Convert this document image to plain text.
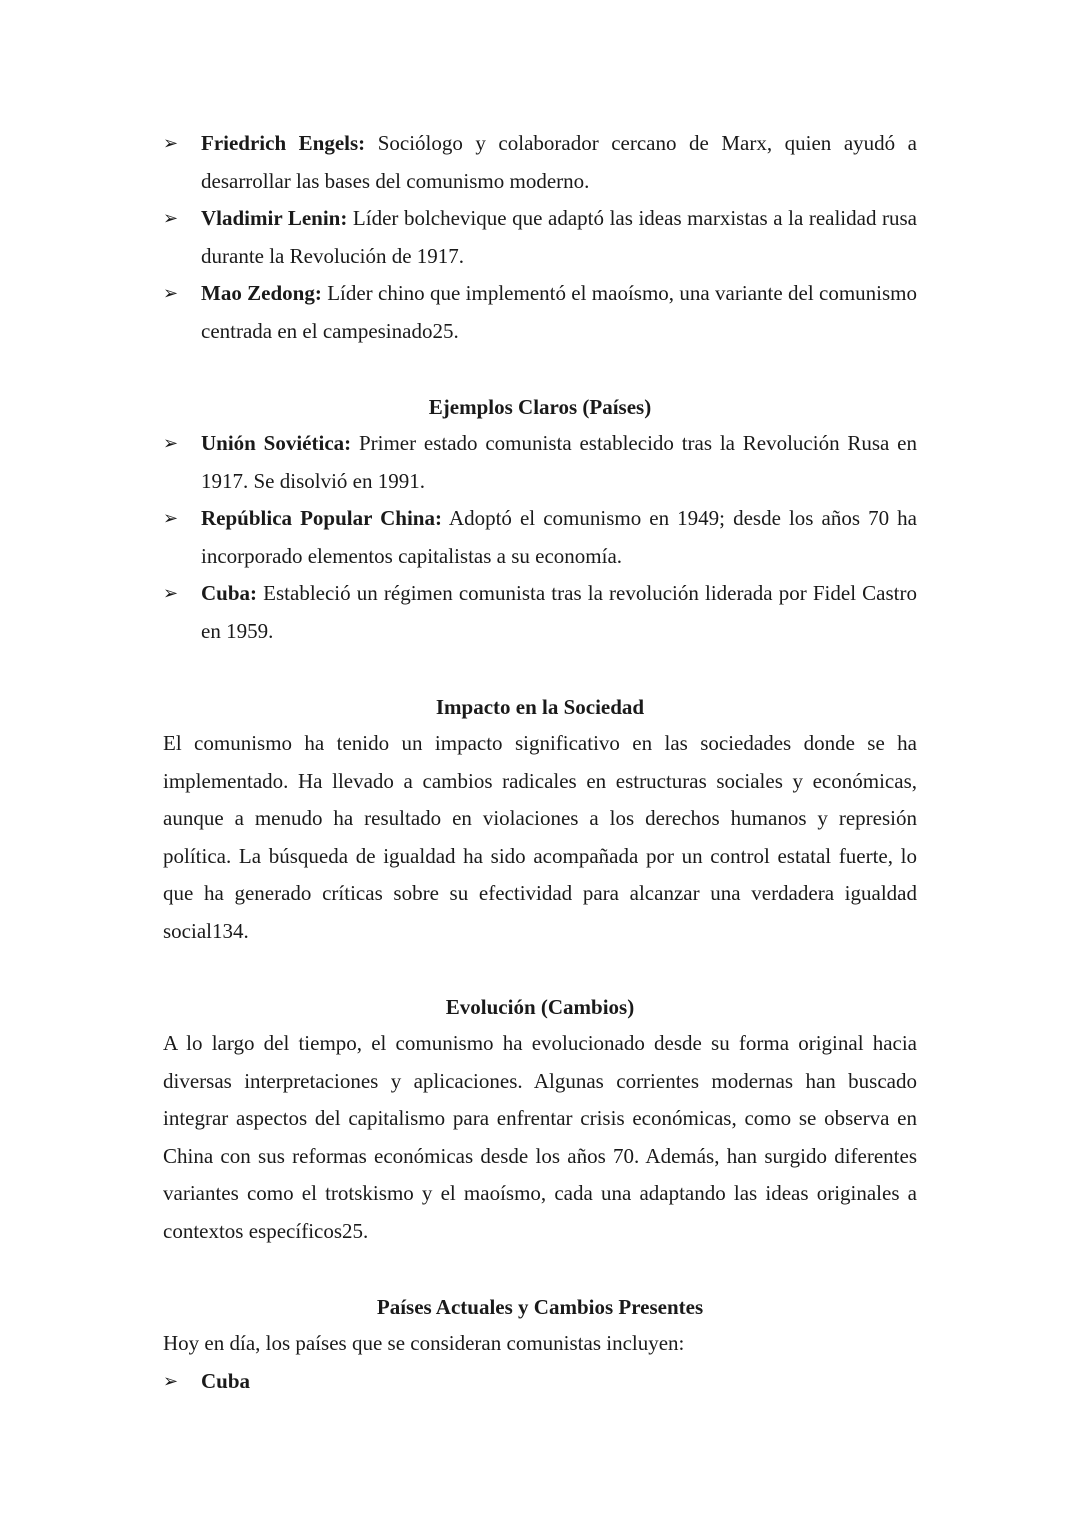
➢ Friedrich Engels: Sociólogo y colaborador cercano de Marx, quien ayudó a desarrollar las bases del comunismo moderno.
➢ Vladimir Lenin: Líder bolchevique que adaptó las ideas marxistas a la realidad rusa durante la Revolución de 1917.
➢ Mao Zedong: Líder chino que implementó el maoísmo, una variante del comunismo centrada en el campesinado25.
Ejemplos Claros (Países)
➢ Unión Soviética: Primer estado comunista establecido tras la Revolución Rusa en 1917. Se disolvió en 1991.
➢ República Popular China: Adoptó el comunismo en 1949; desde los años 70 ha incorporado elementos capitalistas a su economía.
➢ Cuba: Estableció un régimen comunista tras la revolución liderada por Fidel Castro en 1959.
Impacto en la Sociedad
El comunismo ha tenido un impacto significativo en las sociedades donde se ha implementado. Ha llevado a cambios radicales en estructuras sociales y económicas, aunque a menudo ha resultado en violaciones a los derechos humanos y represión política. La búsqueda de igualdad ha sido acompañada por un control estatal fuerte, lo que ha generado críticas sobre su efectividad para alcanzar una verdadera igualdad social134.
Evolución (Cambios)
A lo largo del tiempo, el comunismo ha evolucionado desde su forma original hacia diversas interpretaciones y aplicaciones. Algunas corrientes modernas han buscado integrar aspectos del capitalismo para enfrentar crisis económicas, como se observa en China con sus reformas económicas desde los años 70. Además, han surgido diferentes variantes como el trotskismo y el maoísmo, cada una adaptando las ideas originales a contextos específicos25.
Países Actuales y Cambios Presentes
Hoy en día, los países que se consideran comunistas incluyen:
➢ Cuba
